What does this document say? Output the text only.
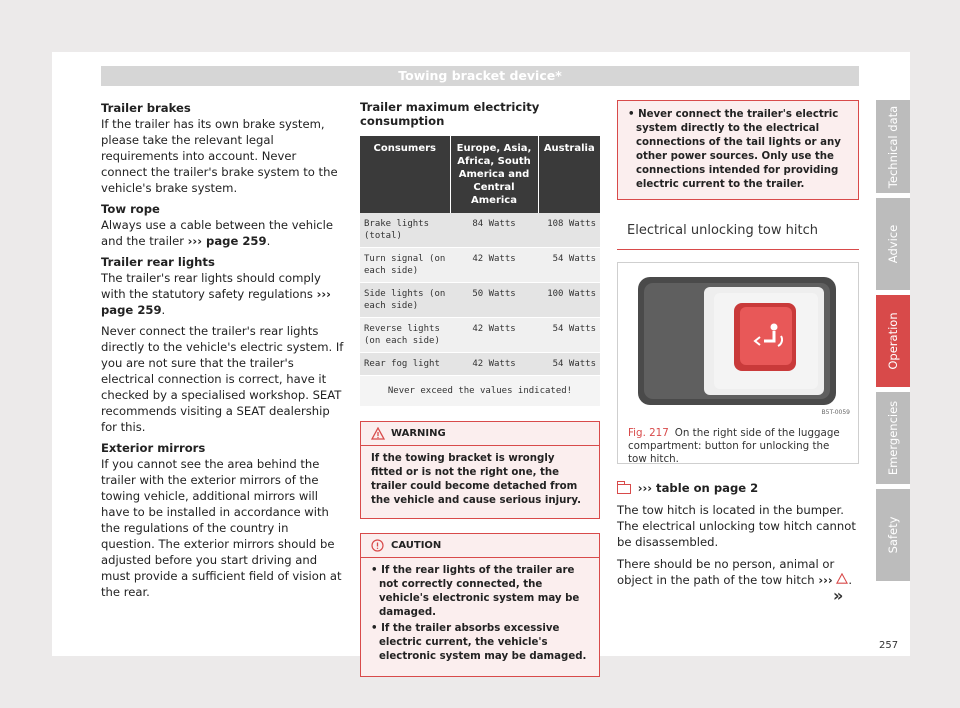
Towing bracket device*

Trailer brakes
If the trailer has its own brake system, please take the relevant legal requirements into account. Never connect the trailer's brake system to the vehicle's brake system.

Tow rope
Always use a cable between the vehicle and the trailer ››› page 259.

Trailer rear lights
The trailer's rear lights should comply with the statutory safety regulations ››› page 259.

Never connect the trailer's rear lights directly to the vehicle's electric system. If you are not sure that the trailer's electrical connection is correct, have it checked by a specialised workshop. SEAT recommends visiting a SEAT dealership for this.

Exterior mirrors
If you cannot see the area behind the trailer with the exterior mirrors of the towing vehicle, additional mirrors will have to be installed in accordance with the regulations of the country in question. The exterior mirrors should be adjusted before you start driving and must provide a sufficient field of vision at the rear.

Trailer maximum electricity consumption
Consumers	Europe, Asia, Africa, South America and Central America	Australia
Brake lights (total)	84 Watts	108 Watts
Turn signal (on each side)	42 Watts	54 Watts
Side lights (on each side)	50 Watts	100 Watts
Reverse lights (on each side)	42 Watts	54 Watts
Rear fog light	42 Watts	54 Watts
Never exceed the values indicated!		
WARNING
If the towing bracket is wrongly fitted or is not the right one, the trailer could become detached from the vehicle and cause serious injury.
CAUTION
• If the rear lights of the trailer are not correctly connected, the vehicle's electronic system may be damaged.
• If the trailer absorbs excessive electric current, the vehicle's electronic system may be damaged.
• Never connect the trailer's electric system directly to the electrical connections of the tail lights or any other power sources. Only use the connections intended for providing electric current to the trailer.
Electrical unlocking tow hitch
B5T-0059
Fig. 217 On the right side of the luggage compartment: button for unlocking the tow hitch.

››› table on page 2

The tow hitch is located in the bumper. The electrical unlocking tow hitch cannot be disassembled.

There should be no person, animal or object in the path of the tow hitch ››› .

»
Technical data
Advice
Operation
Emergencies
Safety
257
